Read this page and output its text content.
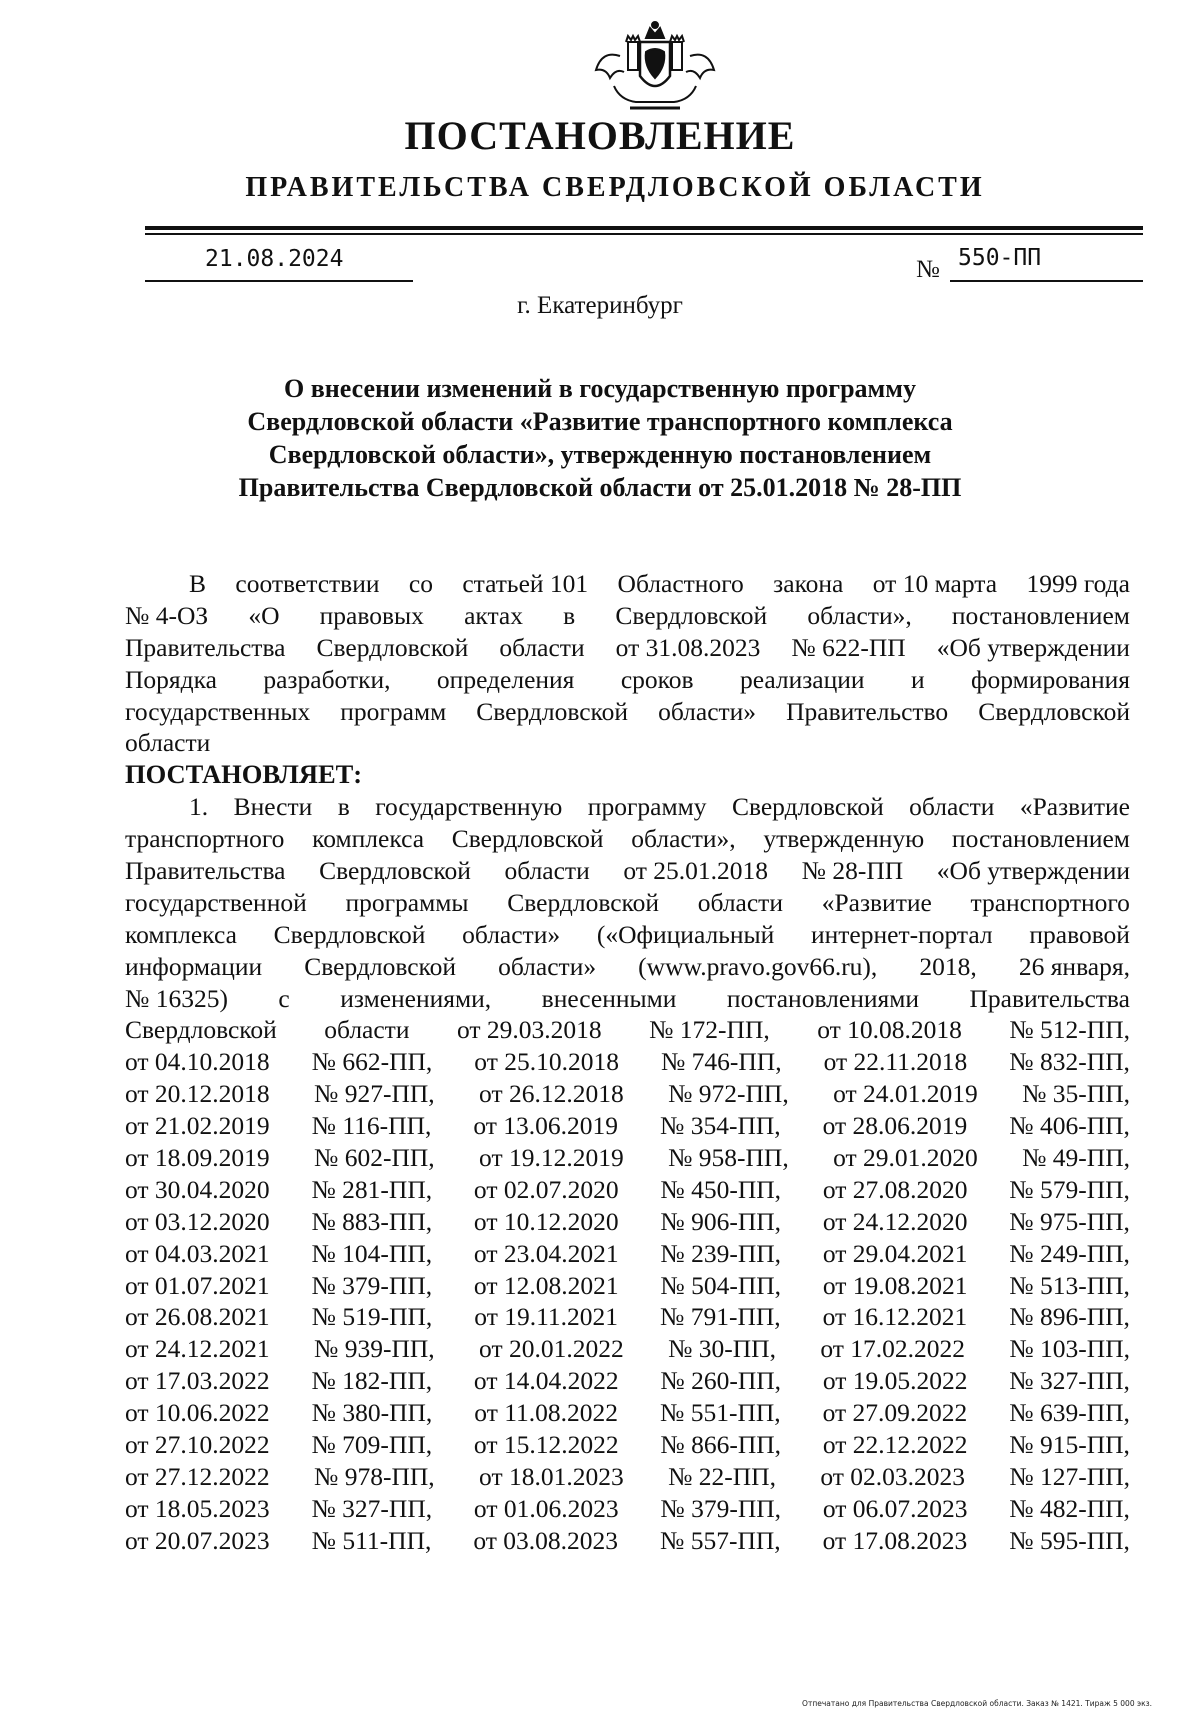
ПОСТАНОВЛЕНИЕ
ПРАВИТЕЛЬСТВА СВЕРДЛОВСКОЙ ОБЛАСТИ
21.08.2024	№ 550-ПП
г. Екатеринбург
О внесении изменений в государственную программу
Свердловской области «Развитие транспортного комплекса
Свердловской области», утвержденную постановлением
Правительства Свердловской области от 25.01.2018 № 28-ПП
В соответствии со статьей 101 Областного закона от 10 марта 1999 года
№ 4-ОЗ «О правовых актах в Свердловской области», постановлением
Правительства Свердловской области от 31.08.2023 № 622-ПП «Об утверждении
Порядка разработки, определения сроков реализации и формирования
государственных программ Свердловской области» Правительство Свердловской
области
ПОСТАНОВЛЯЕТ:
1. Внести в государственную программу Свердловской области «Развитие
транспортного комплекса Свердловской области», утвержденную постановлением
Правительства Свердловской области от 25.01.2018 № 28-ПП «Об утверждении
государственной программы Свердловской области «Развитие транспортного
комплекса Свердловской области» («Официальный интернет-портал правовой
информации Свердловской области» (www.pravo.gov66.ru), 2018, 26 января,
№ 16325) с изменениями, внесенными постановлениями Правительства
Свердловской области от 29.03.2018 № 172-ПП, от 10.08.2018 № 512-ПП,
от 04.10.2018 № 662-ПП, от 25.10.2018 № 746-ПП, от 22.11.2018 № 832-ПП,
от 20.12.2018 № 927-ПП, от 26.12.2018 № 972-ПП, от 24.01.2019 № 35-ПП,
от 21.02.2019 № 116-ПП, от 13.06.2019 № 354-ПП, от 28.06.2019 № 406-ПП,
от 18.09.2019 № 602-ПП, от 19.12.2019 № 958-ПП, от 29.01.2020 № 49-ПП,
от 30.04.2020 № 281-ПП, от 02.07.2020 № 450-ПП, от 27.08.2020 № 579-ПП,
от 03.12.2020 № 883-ПП, от 10.12.2020 № 906-ПП, от 24.12.2020 № 975-ПП,
от 04.03.2021 № 104-ПП, от 23.04.2021 № 239-ПП, от 29.04.2021 № 249-ПП,
от 01.07.2021 № 379-ПП, от 12.08.2021 № 504-ПП, от 19.08.2021 № 513-ПП,
от 26.08.2021 № 519-ПП, от 19.11.2021 № 791-ПП, от 16.12.2021 № 896-ПП,
от 24.12.2021 № 939-ПП, от 20.01.2022 № 30-ПП, от 17.02.2022 № 103-ПП,
от 17.03.2022 № 182-ПП, от 14.04.2022 № 260-ПП, от 19.05.2022 № 327-ПП,
от 10.06.2022 № 380-ПП, от 11.08.2022 № 551-ПП, от 27.09.2022 № 639-ПП,
от 27.10.2022 № 709-ПП, от 15.12.2022 № 866-ПП, от 22.12.2022 № 915-ПП,
от 27.12.2022 № 978-ПП, от 18.01.2023 № 22-ПП, от 02.03.2023 № 127-ПП,
от 18.05.2023 № 327-ПП, от 01.06.2023 № 379-ПП, от 06.07.2023 № 482-ПП,
от 20.07.2023 № 511-ПП, от 03.08.2023 № 557-ПП, от 17.08.2023 № 595-ПП,
Отпечатано для Правительства Свердловской области. Заказ № 1421. Тираж 5 000 экз.
